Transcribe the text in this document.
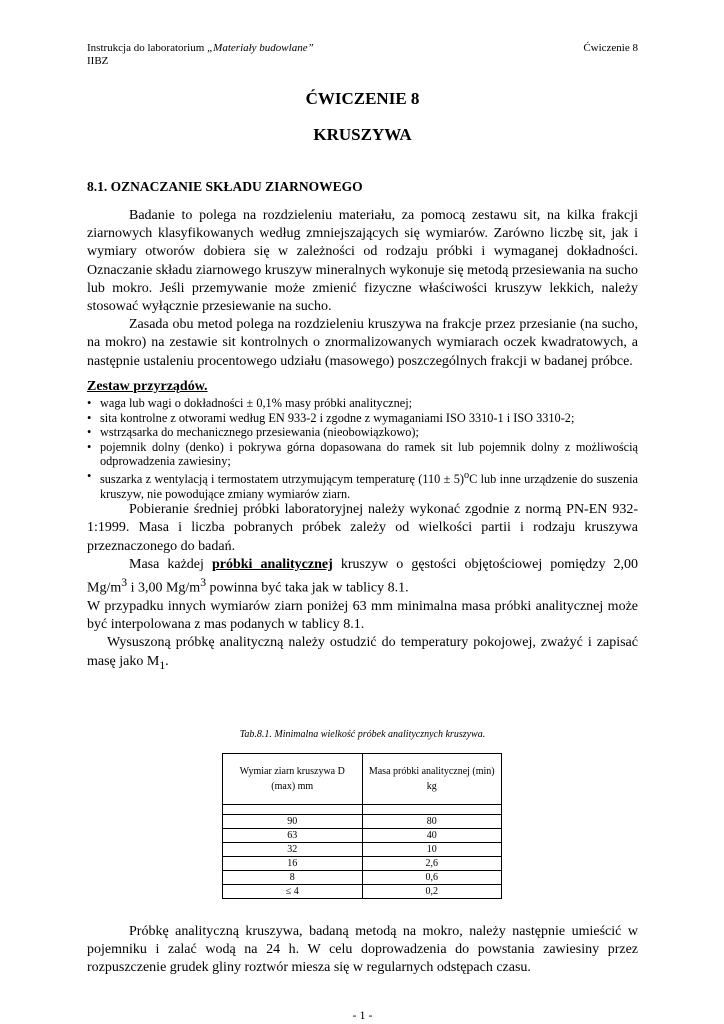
Instrukcja do laboratorium „Materiały budowlane”
IIBZ
Ćwiczenie 8
ĆWICZENIE 8
KRUSZYWA
8.1. OZNACZANIE SKŁADU ZIARNOWEGO

Badanie to polega na rozdzieleniu materiału, za pomocą zestawu sit, na kilka frakcji ziarnowych klasyfikowanych według zmniejszających się wymiarów. Zarówno liczbę sit, jak i wymiary otworów dobiera się w zależności od rodzaju próbki i wymaganej dokładności. Oznaczanie składu ziarnowego kruszyw mineralnych wykonuje się metodą przesiewania na sucho lub mokro. Jeśli przemywanie może zmienić fizyczne właściwości kruszyw lekkich, należy stosować wyłącznie przesiewanie na sucho.

Zasada obu metod polega na rozdzieleniu kruszywa na frakcje przez przesianie (na sucho, na mokro) na zestawie sit kontrolnych o znormalizowanych wymiarach oczek kwadratowych, a następnie ustaleniu procentowego udziału (masowego) poszczególnych frakcji w badanej próbce.

Zestaw przyrządów.

• waga lub wagi o dokładności ± 0,1% masy próbki analitycznej;
• sita kontrolne z otworami według EN 933-2 i zgodne z wymaganiami ISO 3310-1 i ISO 3310-2;
• wstrząsarka do mechanicznego przesiewania (nieobowiązkowo);
• pojemnik dolny (denko) i pokrywa górna dopasowana do ramek sit lub pojemnik dolny z możliwością odprowadzenia zawiesiny;
• suszarka z wentylacją i termostatem utrzymującym temperaturę $(110 \pm 5)^oC$ lub inne urządzenie do suszenia kruszyw, nie powodujące zmiany wymiarów ziarn.

Pobieranie średniej próbki laboratoryjnej należy wykonać zgodnie z normą PN-EN 932-1:1999. Masa i liczba pobranych próbek zależy od wielkości partii i rodzaju kruszywa przeznaczonego do badań.

Masa każdej próbki analitycznej kruszyw o gęstości objętościowej pomiędzy 2,00 $Mg/m^3$ i 3,00 $Mg/m^3$ powinna być taka jak w tablicy 8.1.

W przypadku innych wymiarów ziarn poniżej 63 mm minimalna masa próbki analitycznej może być interpolowana z mas podanych w tablicy 8.1.

Wysuszoną próbkę analityczną należy ostudzić do temperatury pokojowej, zważyć i zapisać masę jako $M_1$.

Tab.8.1. Minimalna wielkość próbek analitycznych kruszywa.
Wymiar ziarn kruszywa D (max) mm	Masa próbki analitycznej (min) kg

90	80
63	40
32	10
16	2,6
8	0,6
≤ 4	0,2

Próbkę analityczną kruszywa, badaną metodą na mokro, należy następnie umieścić w pojemniku i zalać wodą na 24 h. W celu doprowadzenia do powstania zawiesiny przez rozpuszczenie grudek gliny roztwór miesza się w regularnych odstępach czasu.

- 1 -
